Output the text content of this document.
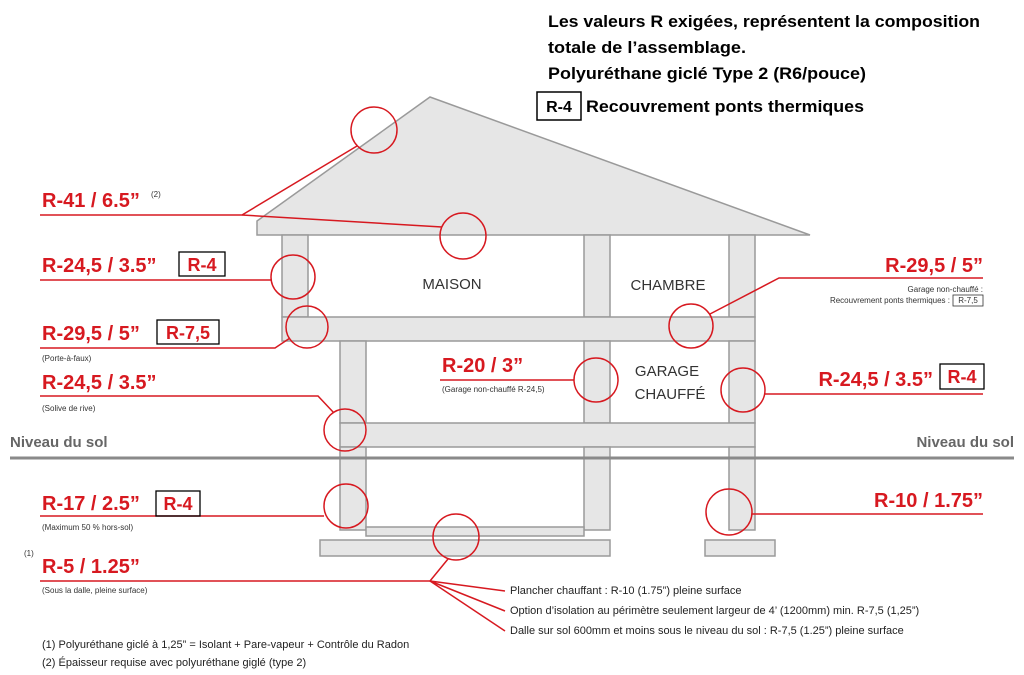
Les valeurs R exigées, représentent la composition
totale de l’assemblage.
Polyuréthane giclé Type 2 (R6/pouce)
R-4 Recouvrement ponts thermiques
Niveau du sol	Niveau du sol
MAISON	CHAMBRE
GARAGE
CHAUFFÉ
R-41 / 6.5” (2)
R-24,5 / 3.5” R-4
R-29,5 / 5” R-7,5
(Porte-à-faux)
R-24,5 / 3.5”
(Solive de rive)
R-20 / 3”
(Garage non-chauffé R-24,5)
R-29,5 / 5”
Garage non-chauffé :
Recouvrement ponts thermiques : R-7,5
R-24,5 / 3.5” R-4
R-17 / 2.5” R-4
(Maximum 50 % hors-sol)
R-10 / 1.75”
(1)
R-5 / 1.25”
(Sous la dalle, pleine surface)	Plancher chauffant : R-10 (1.75”) pleine surface
Option d’isolation au périmètre seulement largeur de 4’ (1200mm) min. R-7,5 (1,25”)
Dalle sur sol 600mm et moins sous le niveau du sol : R-7,5 (1.25”) pleine surface
(1) Polyuréthane giclé à 1,25” = Isolant + Pare-vapeur + Contrôle du Radon
(2) Épaisseur requise avec polyuréthane giglé (type 2)
